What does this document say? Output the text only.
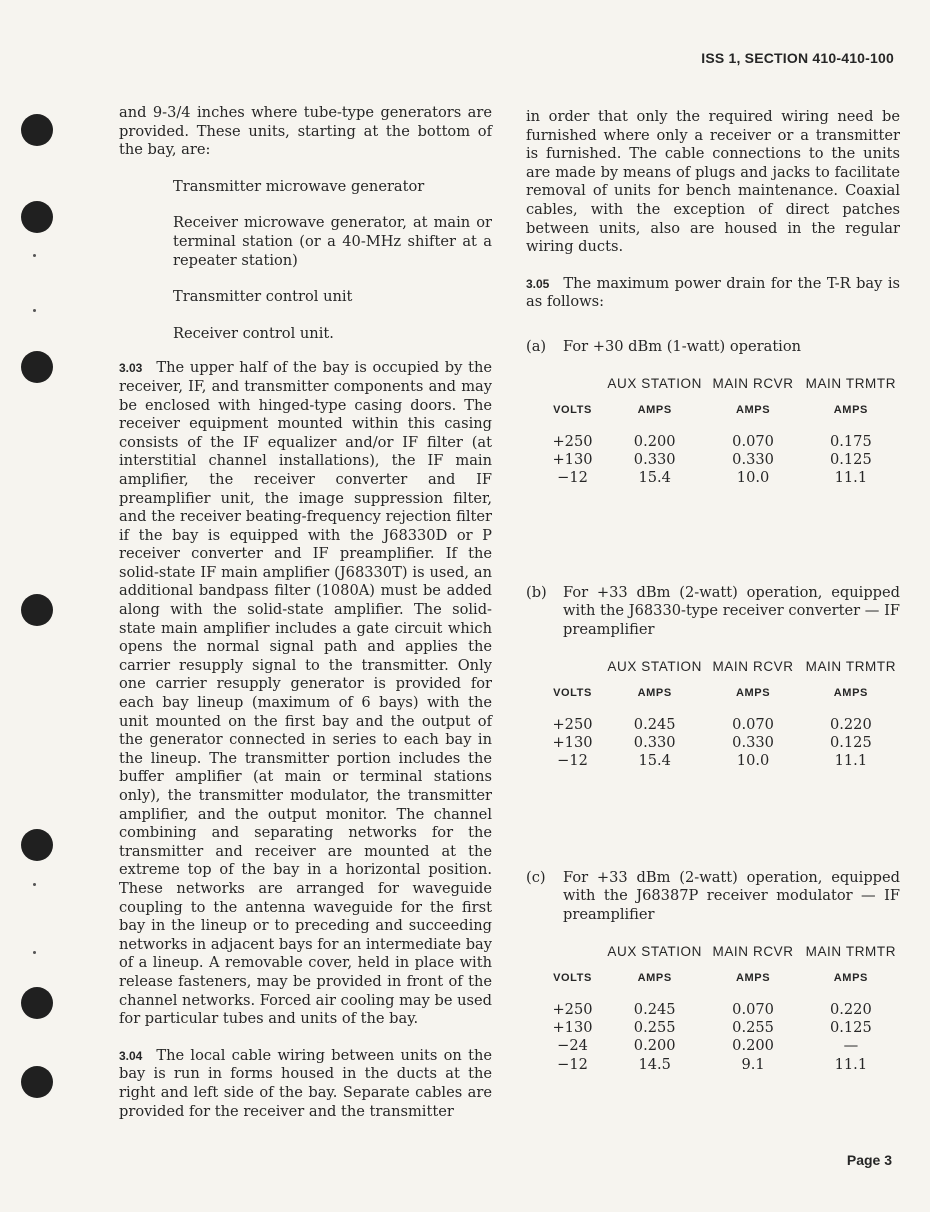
ISS 1, SECTION 410-410-100

and 9-3/4 inches where tube-type generators are provided. These units, starting at the bottom of the bay, are:

Transmitter microwave generator

Receiver microwave generator, at main or terminal station (or a 40-MHz shifter at a repeater station)

Transmitter control unit

Receiver control unit.

3.03 The upper half of the bay is occupied by the receiver, IF, and transmitter components and may be enclosed with hinged-type casing doors. The receiver equipment mounted within this casing consists of the IF equalizer and/or IF filter (at interstitial channel installations), the IF main amplifier, the receiver converter and IF preamplifier unit, the image suppression filter, and the receiver beating-frequency rejection filter if the bay is equipped with the J68330D or P receiver converter and IF preamplifier. If the solid-state IF main amplifier (J68330T) is used, an additional bandpass filter (1080A) must be added along with the solid-state amplifier. The solid-state main amplifier includes a gate circuit which opens the normal signal path and applies the carrier resupply signal to the transmitter. Only one carrier resupply generator is provided for each bay lineup (maximum of 6 bays) with the unit mounted on the first bay and the output of the generator connected in series to each bay in the lineup. The transmitter portion includes the buffer amplifier (at main or terminal stations only), the transmitter modulator, the transmitter amplifier, and the output monitor. The channel combining and separating networks for the transmitter and receiver are mounted at the extreme top of the bay in a horizontal position. These networks are arranged for waveguide coupling to the antenna waveguide for the first bay in the lineup or to preceding and succeeding networks in adjacent bays for an intermediate bay of a lineup. A removable cover, held in place with release fasteners, may be provided in front of the channel networks. Forced air cooling may be used for particular tubes and units of the bay.

3.04 The local cable wiring between units on the bay is run in forms housed in the ducts at the right and left side of the bay. Separate cables are provided for the receiver and the transmitter

in order that only the required wiring need be furnished where only a receiver or a transmitter is furnished. The cable connections to the units are made by means of plugs and jacks to facilitate removal of units for bench maintenance. Coaxial cables, with the exception of direct patches between units, also are housed in the regular wiring ducts.

3.05 The maximum power drain for the T-R bay is as follows:

(a)	For +30 dBm (1-watt) operation
	AUX STATION	MAIN RCVR	MAIN TRMTR
VOLTS	AMPS	AMPS	AMPS
+250	0.200	0.070	0.175
+130	0.330	0.330	0.125
−12	15.4	10.0	11.1
(b)	For +33 dBm (2-watt) operation, equipped with the J68330-type receiver converter — IF preamplifier
	AUX STATION	MAIN RCVR	MAIN TRMTR
VOLTS	AMPS	AMPS	AMPS
+250	0.245	0.070	0.220
+130	0.330	0.330	0.125
−12	15.4	10.0	11.1
(c)	For +33 dBm (2-watt) operation, equipped with the J68387P receiver modulator — IF preamplifier
	AUX STATION	MAIN RCVR	MAIN TRMTR
VOLTS	AMPS	AMPS	AMPS
+250	0.245	0.070	0.220
+130	0.255	0.255	0.125
−24	0.200	0.200	—
−12	14.5	9.1	11.1
Page 3
